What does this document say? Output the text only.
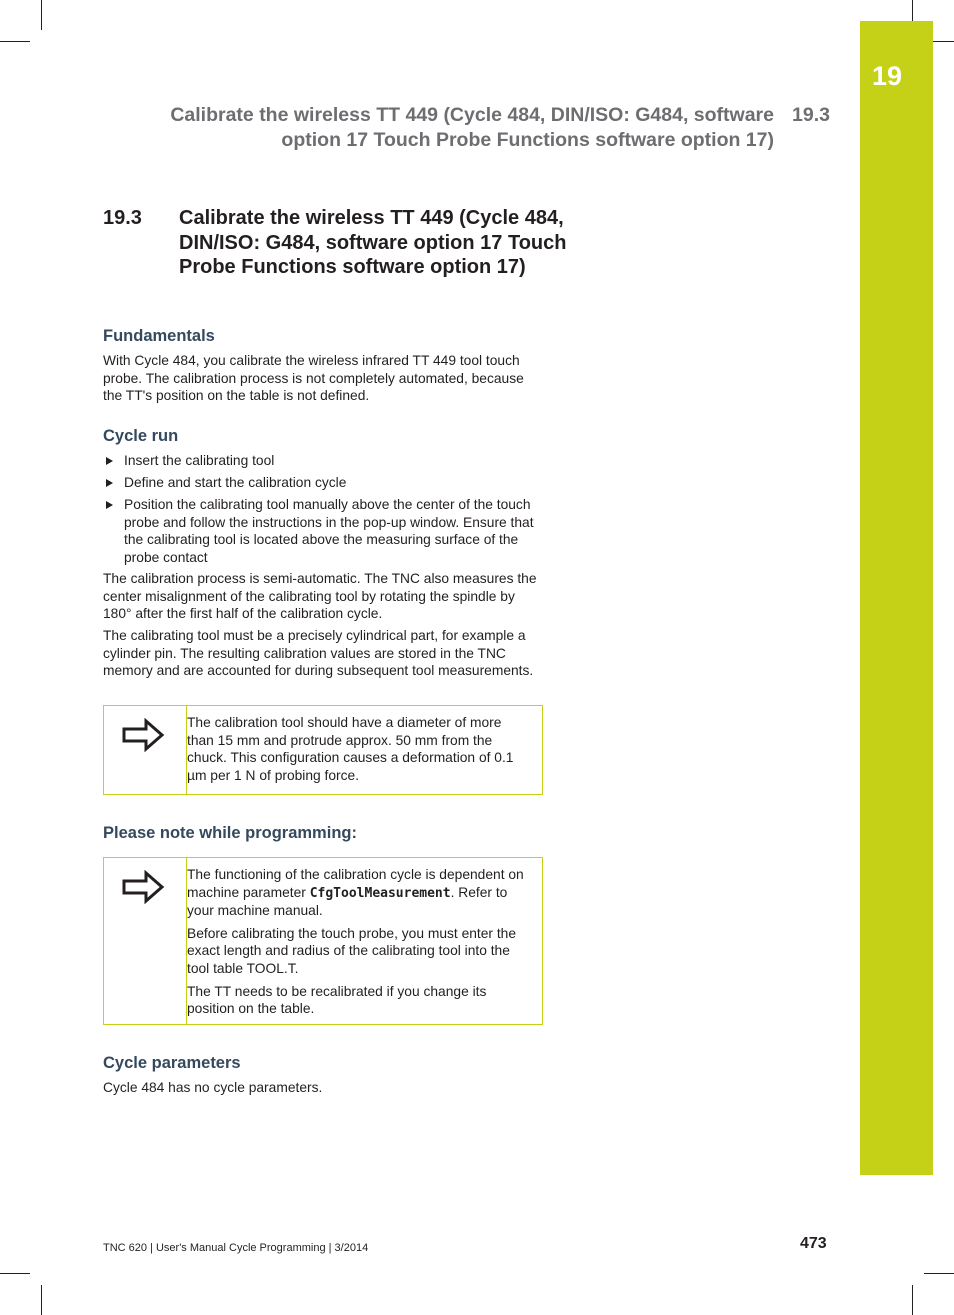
19
Calibrate the wireless TT 449 (Cycle 484, DIN/ISO: G484, software option 17 Touch Probe Functions software option 17)
19.3
19.3 Calibrate the wireless TT 449 (Cycle 484, DIN/ISO: G484, software option 17 Touch Probe Functions software option 17)
Fundamentals

With Cycle 484, you calibrate the wireless infrared TT 449 tool touch probe. The calibration process is not completely automated, because the TT's position on the table is not defined.

Cycle run
Insert the calibrating tool
Define and start the calibration cycle
Position the calibrating tool manually above the center of the touch probe and follow the instructions in the pop-up window. Ensure that the calibrating tool is located above the measuring surface of the probe contact

The calibration process is semi-automatic. The TNC also measures the center misalignment of the calibrating tool by rotating the spindle by 180° after the first half of the calibration cycle.

The calibrating tool must be a precisely cylindrical part, for example a cylinder pin. The resulting calibration values are stored in the TNC memory and are accounted for during subsequent tool measurements.

The calibration tool should have a diameter of more than 15 mm and protrude approx. 50 mm from the chuck. This configuration causes a deformation of 0.1 µm per 1 N of probing force.

Please note while programming:

The functioning of the calibration cycle is dependent on machine parameter CfgToolMeasurement. Refer to your machine manual.

Before calibrating the touch probe, you must enter the exact length and radius of the calibrating tool into the tool table TOOL.T.

The TT needs to be recalibrated if you change its position on the table.

Cycle parameters

Cycle 484 has no cycle parameters.

TNC 620 | User's Manual Cycle Programming | 3/2014	473
